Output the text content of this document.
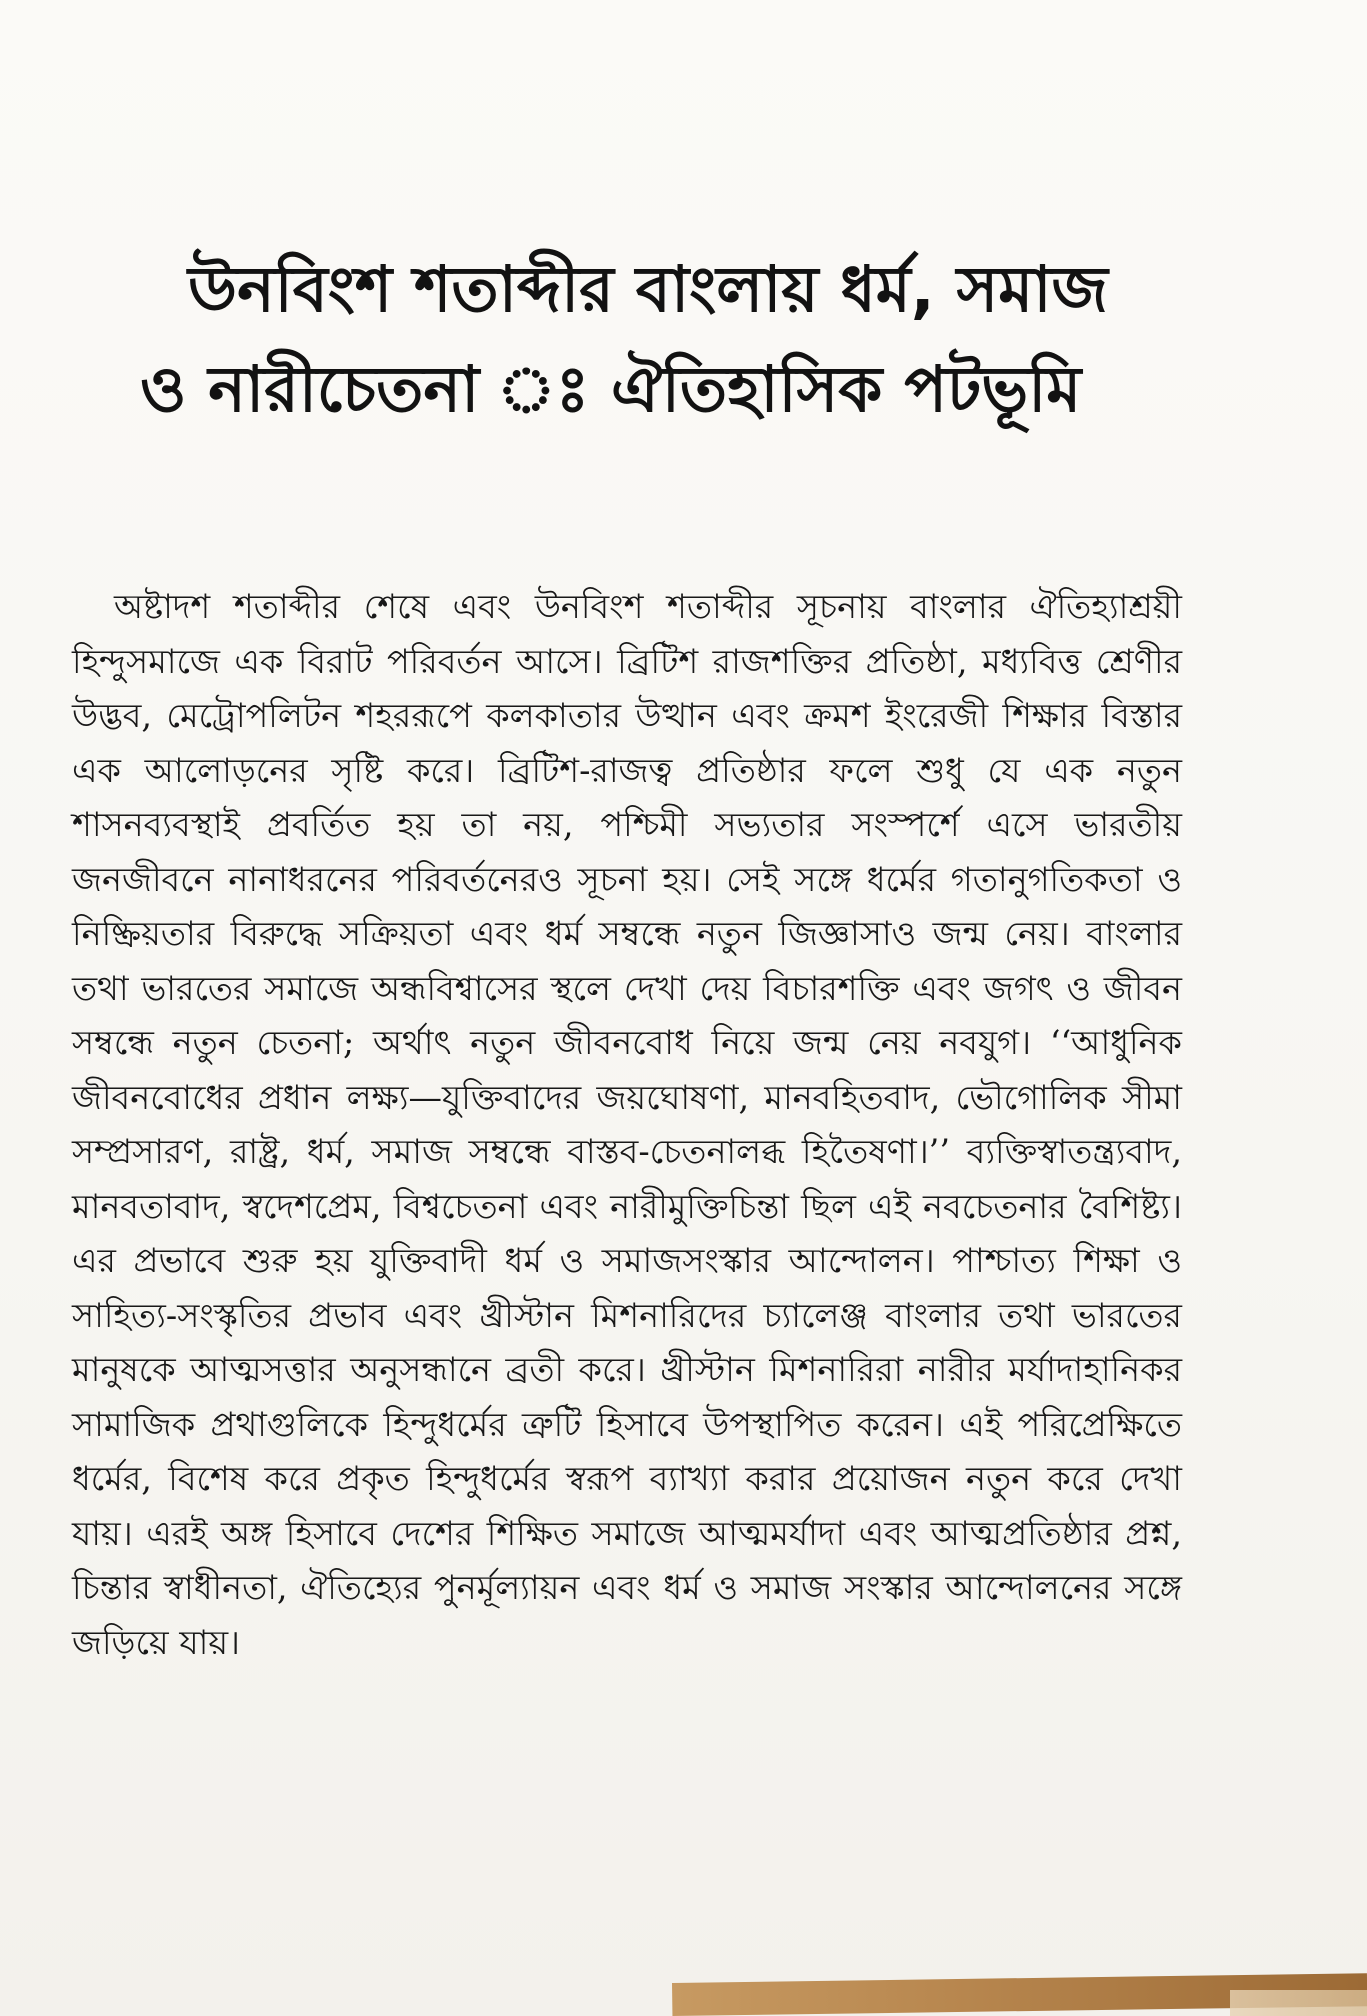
উনবিংশ শতাব্দীর বাংলায় ধর্ম, সমাজ
ও নারীচেতনা ঃ ঐতিহাসিক পটভূমি

অষ্টাদশ শতাব্দীর শেষে এবং উনবিংশ শতাব্দীর সূচনায় বাংলার ঐতিহ্যাশ্রয়ী হিন্দুসমাজে এক বিরাট পরিবর্তন আসে। ব্রিটিশ রাজশক্তির প্রতিষ্ঠা, মধ্যবিত্ত শ্রেণীর উদ্ভব, মেট্রোপলিটন শহররূপে কলকাতার উত্থান এবং ক্রমশ ইংরেজী শিক্ষার বিস্তার এক আলোড়নের সৃষ্টি করে। ব্রিটিশ-রাজত্ব প্রতিষ্ঠার ফলে শুধু যে এক নতুন শাসনব্যবস্থাই প্রবর্তিত হয় তা নয়, পশ্চিমী সভ্যতার সংস্পর্শে এসে ভারতীয় জনজীবনে নানাধরনের পরিবর্তনেরও সূচনা হয়। সেই সঙ্গে ধর্মের গতানুগতিকতা ও নিষ্ক্রিয়তার বিরুদ্ধে সক্রিয়তা এবং ধর্ম সম্বন্ধে নতুন জিজ্ঞাসাও জন্ম নেয়। বাংলার তথা ভারতের সমাজে অন্ধবিশ্বাসের স্থলে দেখা দেয় বিচারশক্তি এবং জগৎ ও জীবন সম্বন্ধে নতুন চেতনা; অর্থাৎ নতুন জীবনবোধ নিয়ে জন্ম নেয় নবযুগ। ‘‘আধুনিক জীবনবোধের প্রধান লক্ষ্য—যুক্তিবাদের জয়ঘোষণা, মানবহিতবাদ, ভৌগোলিক সীমা সম্প্রসারণ, রাষ্ট্র, ধর্ম, সমাজ সম্বন্ধে বাস্তব-চেতনালব্ধ হিতৈষণা।’’ ব্যক্তিস্বাতন্ত্র্যবাদ, মানবতাবাদ, স্বদেশপ্রেম, বিশ্বচেতনা এবং নারীমুক্তিচিন্তা ছিল এই নবচেতনার বৈশিষ্ট্য। এর প্রভাবে শুরু হয় যুক্তিবাদী ধর্ম ও সমাজসংস্কার আন্দোলন। পাশ্চাত্য শিক্ষা ও সাহিত্য-সংস্কৃতির প্রভাব এবং খ্রীস্টান মিশনারিদের চ্যালেঞ্জ বাংলার তথা ভারতের মানুষকে আত্মসত্তার অনুসন্ধানে ব্রতী করে। খ্রীস্টান মিশনারিরা নারীর মর্যাদাহানিকর সামাজিক প্রথাগুলিকে হিন্দুধর্মের ত্রুটি হিসাবে উপস্থাপিত করেন। এই পরিপ্রেক্ষিতে ধর্মের, বিশেষ করে প্রকৃত হিন্দুধর্মের স্বরূপ ব্যাখ্যা করার প্রয়োজন নতুন করে দেখা যায়। এরই অঙ্গ হিসাবে দেশের শিক্ষিত সমাজে আত্মমর্যাদা এবং আত্মপ্রতিষ্ঠার প্রশ্ন, চিন্তার স্বাধীনতা, ঐতিহ্যের পুনর্মূল্যায়ন এবং ধর্ম ও সমাজ সংস্কার আন্দোলনের সঙ্গে জড়িয়ে যায়।
